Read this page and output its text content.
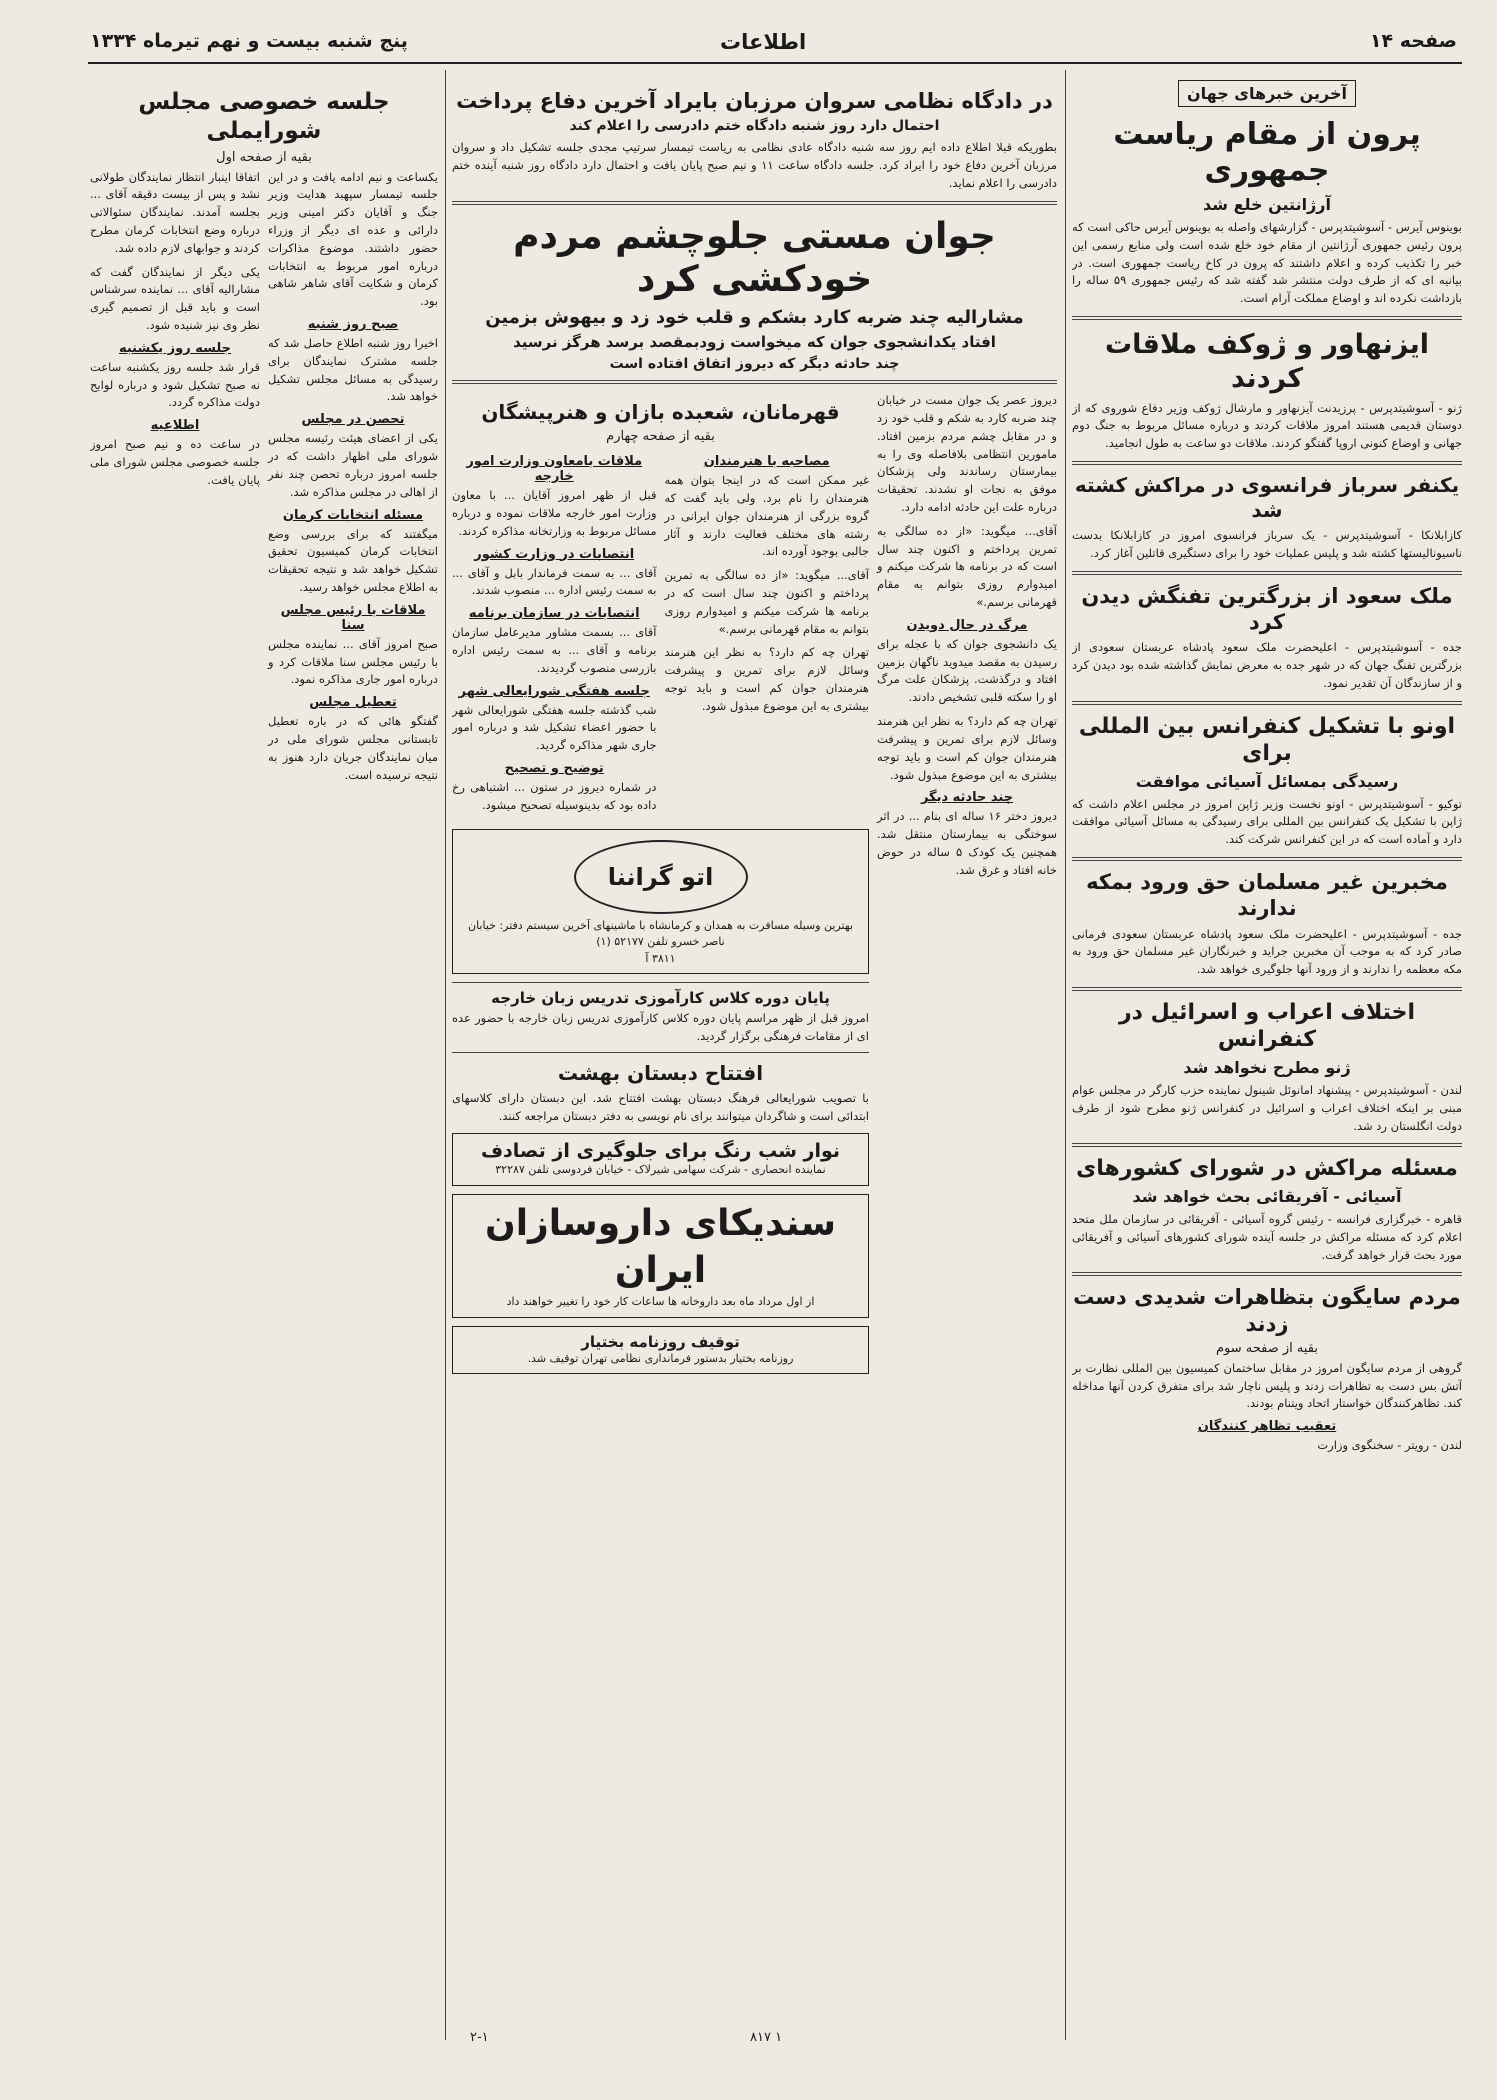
صفحه ۱۴
اطلاعات
پنج شنبه بیست و نهم تیرماه ۱۳۳۴
آخرین خبرهای جهان
پرون از مقام ریاست جمهوری
آرژانتین خلع شد

بوینوس آیرس - آسوشیتدپرس - گزارشهای واصله به بوینوس آیرس حاکی است که پرون رئیس جمهوری آرژانتین از مقام خود خلع شده است ولی منابع رسمی این خبر را تکذیب کرده و اعلام داشتند که پرون در کاخ ریاست جمهوری است. در بیانیه ای که از طرف دولت منتشر شد گفته شد که رئیس جمهوری ۵۹ ساله را بازداشت نکرده اند و اوضاع مملکت آرام است.

ایزنهاور و ژوکف ملاقات کردند

ژنو - آسوشیتدپرس - پرزیدنت آیزنهاور و مارشال ژوکف وزیر دفاع شوروی که از دوستان قدیمی هستند امروز ملاقات کردند و درباره مسائل مربوط به جنگ دوم جهانی و اوضاع کنونی اروپا گفتگو کردند. ملاقات دو ساعت به طول انجامید.

یکنفر سرباز فرانسوی در مراکش کشته شد

کازابلانکا - آسوشیتدپرس - یک سرباز فرانسوی امروز در کازابلانکا بدست ناسیونالیستها کشته شد و پلیس عملیات خود را برای دستگیری قاتلین آغاز کرد.

ملک سعود از بزرگترین تفنگش دیدن کرد

جده - آسوشیتدپرس - اعلیحضرت ملک سعود پادشاه عربستان سعودی از بزرگترین تفنگ جهان که در شهر جده به معرض نمایش گذاشته شده بود دیدن کرد و از سازندگان آن تقدیر نمود.

اونو با تشکیل کنفرانس بین المللی برای
رسیدگی بمسائل آسیائی موافقت

توکیو - آسوشیتدپرس - اونو نخست وزیر ژاپن امروز در مجلس اعلام داشت که ژاپن با تشکیل یک کنفرانس بین المللی برای رسیدگی به مسائل آسیائی موافقت دارد و آماده است که در این کنفرانس شرکت کند.

مخبرین غیر مسلمان حق ورود بمکه ندارند

جده - آسوشیتدپرس - اعلیحضرت ملک سعود پادشاه عربستان سعودی فرمانی صادر کرد که به موجب آن مخبرین جراید و خبرنگاران غیر مسلمان حق ورود به مکه معظمه را ندارند و از ورود آنها جلوگیری خواهد شد.

اختلاف اعراب و اسرائیل در کنفرانس
ژنو مطرح نخواهد شد

لندن - آسوشیتدپرس - پیشنهاد امانوئل شینول نماینده حزب کارگر در مجلس عوام مبنی بر اینکه اختلاف اعراب و اسرائیل در کنفرانس ژنو مطرح شود از طرف دولت انگلستان رد شد.

مسئله مراکش در شورای کشورهای
آسیائی - آفریقائی بحث خواهد شد

قاهره - خبرگزاری فرانسه - رئیس گروه آسیائی - آفریقائی در سازمان ملل متحد اعلام کرد که مسئله مراکش در جلسه آینده شورای کشورهای آسیائی و آفریقائی مورد بحث قرار خواهد گرفت.

مردم سایگون بتظاهرات شدیدی دست زدند
بقیه از صفحه سوم

گروهی از مردم سایگون امروز در مقابل ساختمان کمیسیون بین المللی نظارت بر آتش بس دست به تظاهرات زدند و پلیس ناچار شد برای متفرق کردن آنها مداخله کند. تظاهرکنندگان خواستار اتحاد ویتنام بودند.

تعقیب تظاهر کنندگان

لندن - رویتر - سخنگوی وزارت

در دادگاه نظامی سروان مرزبان بایراد آخرین دفاع پرداخت
احتمال دارد روز شنبه دادگاه ختم دادرسی را اعلام کند

بطوریکه قبلا اطلاع داده ایم روز سه شنبه دادگاه عادی نظامی به ریاست تیمسار سرتیپ مجدی جلسه تشکیل داد و سروان مرزبان آخرین دفاع خود را ایراد کرد. جلسه دادگاه ساعت ۱۱ و نیم صبح پایان یافت و احتمال دارد دادگاه روز شنبه آینده ختم دادرسی را اعلام نماید.

جوان مستی جلوچشم مردم خودکشی کرد
مشارالیه چند ضربه کارد بشکم و قلب خود زد و بیهوش بزمین
افتاد یکدانشجوی جوان که میخواست زودبمقصد برسد هرگز نرسید
چند حادثه دیگر که دیروز اتفاق افتاده است

دیروز عصر یک جوان مست در خیابان چند ضربه کارد به شکم و قلب خود زد و در مقابل چشم مردم بزمین افتاد. مامورین انتظامی بلافاصله وی را به بیمارستان رساندند ولی پزشکان موفق به نجات او نشدند. تحقیقات درباره علت این حادثه ادامه دارد.

آقای... میگوید: «از ده سالگی به تمرین پرداختم و اکنون چند سال است که در برنامه ها شرکت میکنم و امیدوارم روزی بتوانم به مقام قهرمانی برسم.»

مرگ در حال دویدن

یک دانشجوی جوان که با عجله برای رسیدن به مقصد میدوید ناگهان بزمین افتاد و درگذشت. پزشکان علت مرگ او را سکته قلبی تشخیص دادند.

تهران چه کم دارد؟ به نظر این هنرمند وسائل لازم برای تمرین و پیشرفت هنرمندان جوان کم است و باید توجه بیشتری به این موضوع مبذول شود.

چند حادثه دیگر

دیروز دختر ۱۶ ساله ای بنام ... در اثر سوختگی به بیمارستان منتقل شد. همچنین یک کودک ۵ ساله در حوض خانه افتاد و غرق شد.

قهرمانان، شعبده بازان و هنرپیشگان
بقیه از صفحه چهارم
مصاحبه با هنرمندان

غیر ممکن است که در اینجا بتوان همه هنرمندان را نام برد. ولی باید گفت که گروه بزرگی از هنرمندان جوان ایرانی در رشته های مختلف فعالیت دارند و آثار جالبی بوجود آورده اند.

آقای... میگوید: «از ده سالگی به تمرین پرداختم و اکنون چند سال است که در برنامه ها شرکت میکنم و امیدوارم روزی بتوانم به مقام قهرمانی برسم.»

تهران چه کم دارد؟ به نظر این هنرمند وسائل لازم برای تمرین و پیشرفت هنرمندان جوان کم است و باید توجه بیشتری به این موضوع مبذول شود.

ملاقات بامعاون وزارت امور خارجه

قبل از ظهر امروز آقایان ... با معاون وزارت امور خارجه ملاقات نموده و درباره مسائل مربوط به وزارتخانه مذاکره کردند.

انتصابات در وزارت کشور

آقای ... به سمت فرماندار بابل و آقای ... به سمت رئیس اداره ... منصوب شدند.

انتصابات در سازمان برنامه

آقای ... بسمت مشاور مدیرعامل سازمان برنامه و آقای ... به سمت رئیس اداره بازرسی منصوب گردیدند.

جلسه هفتگی شورایعالی شهر

شب گذشته جلسه هفتگی شورایعالی شهر با حضور اعضاء تشکیل شد و درباره امور جاری شهر مذاکره گردید.

توضیح و تصحیح

در شماره دیروز در ستون ... اشتباهی رخ داده بود که بدینوسیله تصحیح میشود.

اتو گراننا
بهترین وسیله مسافرت به همدان و کرمانشاه با ماشینهای آخرین سیستم دفتر: خیابان ناصر خسرو تلفن ۵۲۱۷۷ (۱)
۳۸۱۱ آ
پایان دوره کلاس کارآموزی تدریس زبان خارجه

امروز قبل از ظهر مراسم پایان دوره کلاس کارآموزی تدریس زبان خارجه با حضور عده ای از مقامات فرهنگی برگزار گردید.

افتتاح دبستان بهشت

با تصویب شورایعالی فرهنگ دبستان بهشت افتتاح شد. این دبستان دارای کلاسهای ابتدائی است و شاگردان میتوانند برای نام نویسی به دفتر دبستان مراجعه کنند.

نوار شب رنگ برای جلوگیری از تصادف
نماینده انحصاری - شرکت سهامی شیرلاک - خیابان فردوسی تلفن ۳۲۲۸۷
سندیکای داروسازان
ایران
از اول مرداد ماه بعد داروخانه ها ساعات کار خود را تغییر خواهند داد
توقیف روزنامه بختیار
روزنامه بختیار بدستور فرمانداری نظامی تهران توقیف شد.
جلسه خصوصی مجلس شورایملی
بقیه از صفحه اول

یکساعت و نیم ادامه یافت و در این جلسه تیمسار سپهبد هدایت وزیر جنگ و آقایان دکتر امینی وزیر دارائی و عده ای دیگر از وزراء حضور داشتند. موضوع مذاکرات درباره امور مربوط به انتخابات کرمان و شکایت آقای شاهر شاهی بود.

صبح روز شنبه

اخیرا روز شنبه اطلاع حاصل شد که جلسه مشترک نمایندگان برای رسیدگی به مسائل مجلس تشکیل خواهد شد.

تحصن در مجلس

یکی از اعضای هیئت رئیسه مجلس شورای ملی اظهار داشت که در جلسه امروز درباره تحصن چند نفر از اهالی در مجلس مذاکره شد.

مسئله انتخابات کرمان

میگفتند که برای بررسی وضع انتخابات کرمان کمیسیون تحقیق تشکیل خواهد شد و نتیجه تحقیقات به اطلاع مجلس خواهد رسید.

ملاقات با رئیس مجلس سنا

صبح امروز آقای ... نماینده مجلس با رئیس مجلس سنا ملاقات کرد و درباره امور جاری مذاکره نمود.

تعطیل مجلس

گفتگو هائی که در باره تعطیل تابستانی مجلس شورای ملی در میان نمایندگان جریان دارد هنوز به نتیجه نرسیده است.

اتفاقا اینبار انتظار نمایندگان طولانی نشد و پس از بیست دقیقه آقای ... بجلسه آمدند. نمایندگان سئوالاتی درباره وضع انتخابات کرمان مطرح کردند و جوابهای لازم داده شد.

یکی دیگر از نمایندگان گفت که مشارالیه آقای ... نماینده سرشناس است و باید قبل از تصمیم گیری نظر وی نیز شنیده شود.

جلسه روز یکشنبه

قرار شد جلسه روز یکشنبه ساعت نه صبح تشکیل شود و درباره لوایح دولت مذاکره گردد.

اطلاعیه

در ساعت ده و نیم صبح امروز جلسه خصوصی مجلس شورای ملی پایان یافت.

۲-۱	۸۱۷ ۱
